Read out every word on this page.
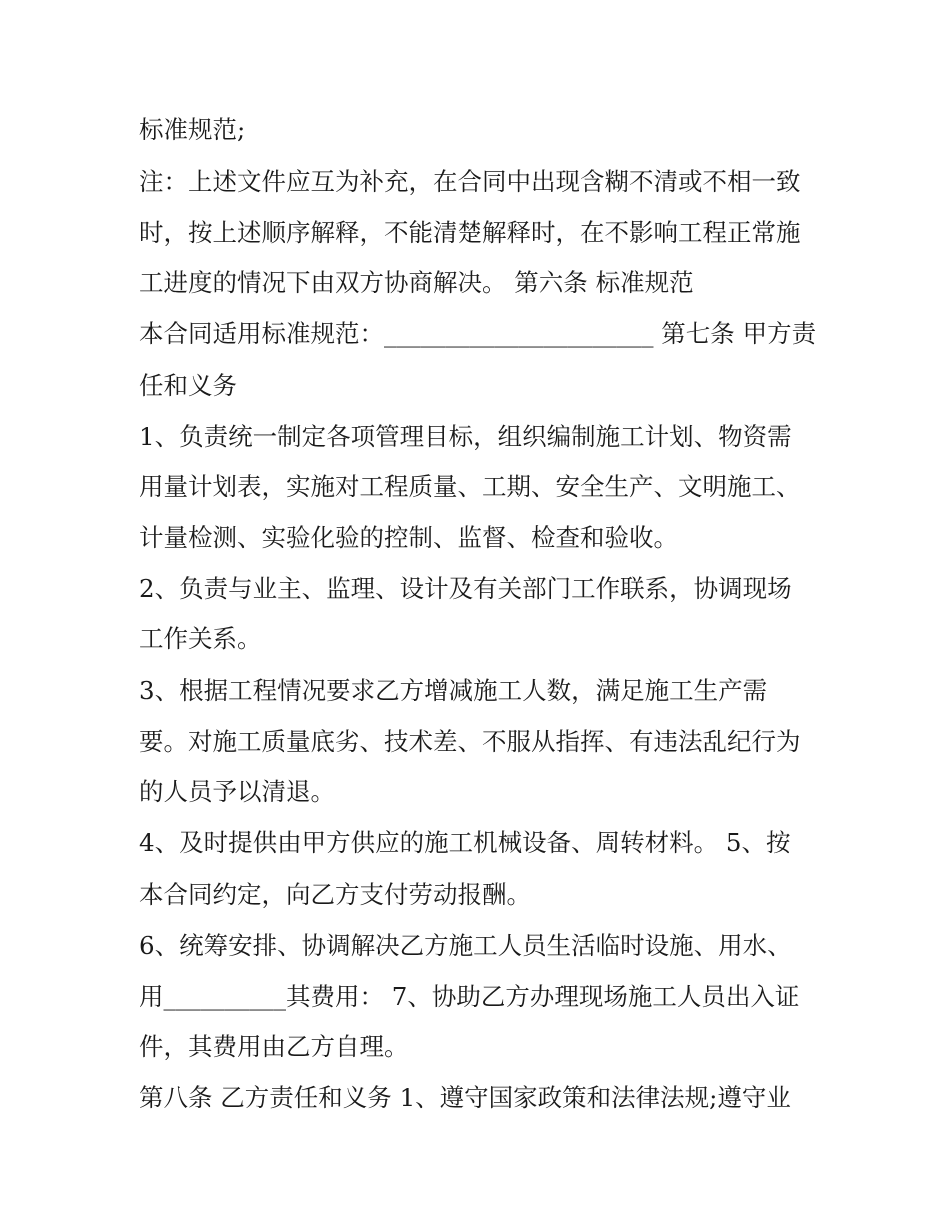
标准规范;

注：上述文件应互为补充，在合同中出现含糊不清或不相一致

时，按上述顺序解释，不能清楚解释时，在不影响工程正常施

工进度的情况下由双方协商解决。 第六条 标准规范

本合同适用标准规范：______________________ 第七条 甲方责

任和义务

1、负责统一制定各项管理目标，组织编制施工计划、物资需

用量计划表，实施对工程质量、工期、安全生产、文明施工、

计量检测、实验化验的控制、监督、检查和验收。

2、负责与业主、监理、设计及有关部门工作联系，协调现场

工作关系。

3、根据工程情况要求乙方增减施工人数，满足施工生产需

要。对施工质量底劣、技术差、不服从指挥、有违法乱纪行为

的人员予以清退。

4、及时提供由甲方供应的施工机械设备、周转材料。 5、按

本合同约定，向乙方支付劳动报酬。

6、统筹安排、协调解决乙方施工人员生活临时设施、用水、

用__________其费用： 7、协助乙方办理现场施工人员出入证

件，其费用由乙方自理。

第八条 乙方责任和义务 1、遵守国家政策和法律法规;遵守业
